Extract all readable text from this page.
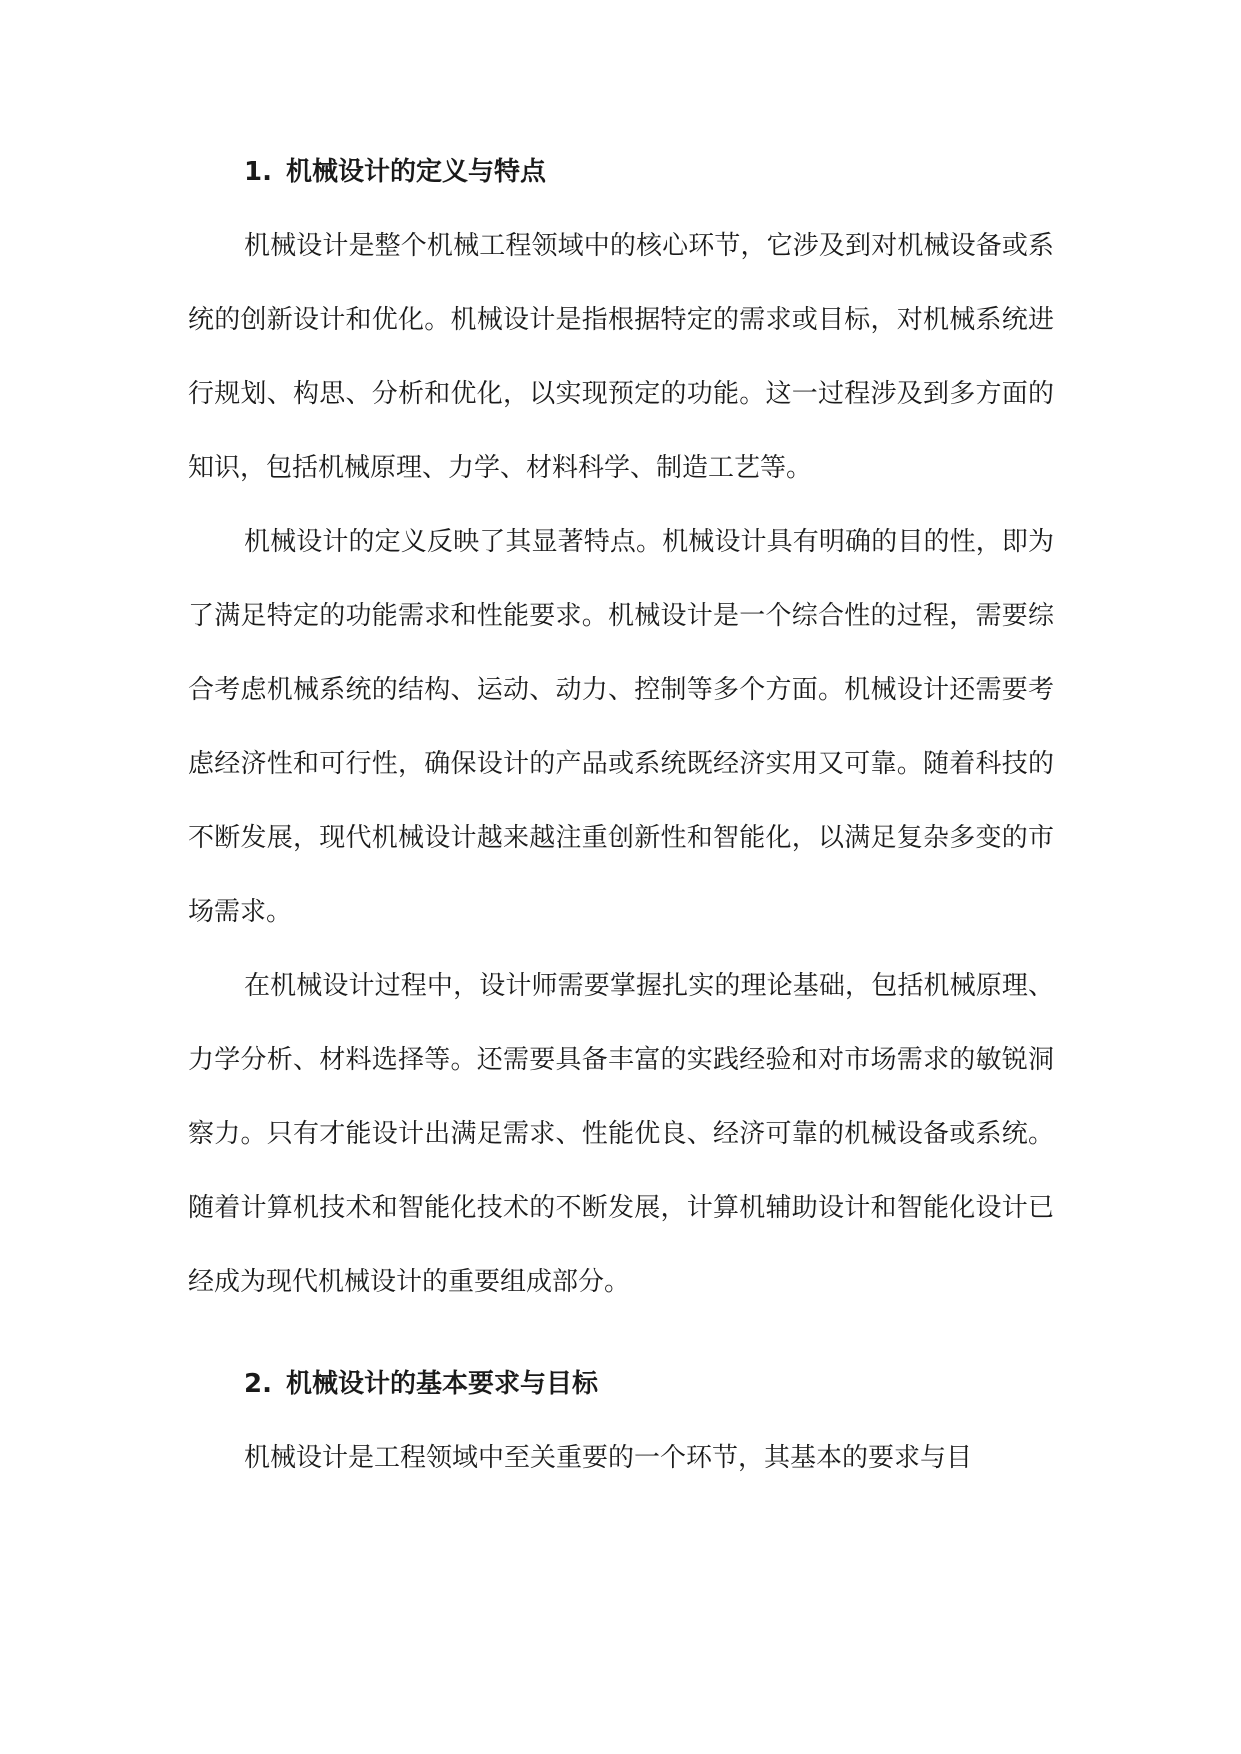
1. 机械设计的定义与特点

机械设计是整个机械工程领域中的核心环节，它涉及到对机械设备或系统的创新设计和优化。机械设计是指根据特定的需求或目标，对机械系统进行规划、构思、分析和优化，以实现预定的功能。这一过程涉及到多方面的知识，包括机械原理、力学、材料科学、制造工艺等。

机械设计的定义反映了其显著特点。机械设计具有明确的目的性，即为了满足特定的功能需求和性能要求。机械设计是一个综合性的过程，需要综合考虑机械系统的结构、运动、动力、控制等多个方面。机械设计还需要考虑经济性和可行性，确保设计的产品或系统既经济实用又可靠。随着科技的不断发展，现代机械设计越来越注重创新性和智能化，以满足复杂多变的市场需求。

在机械设计过程中，设计师需要掌握扎实的理论基础，包括机械原理、力学分析、材料选择等。还需要具备丰富的实践经验和对市场需求的敏锐洞察力。只有才能设计出满足需求、性能优良、经济可靠的机械设备或系统。随着计算机技术和智能化技术的不断发展，计算机辅助设计和智能化设计已经成为现代机械设计的重要组成部分。

2. 机械设计的基本要求与目标

机械设计是工程领域中至关重要的一个环节，其基本的要求与目
